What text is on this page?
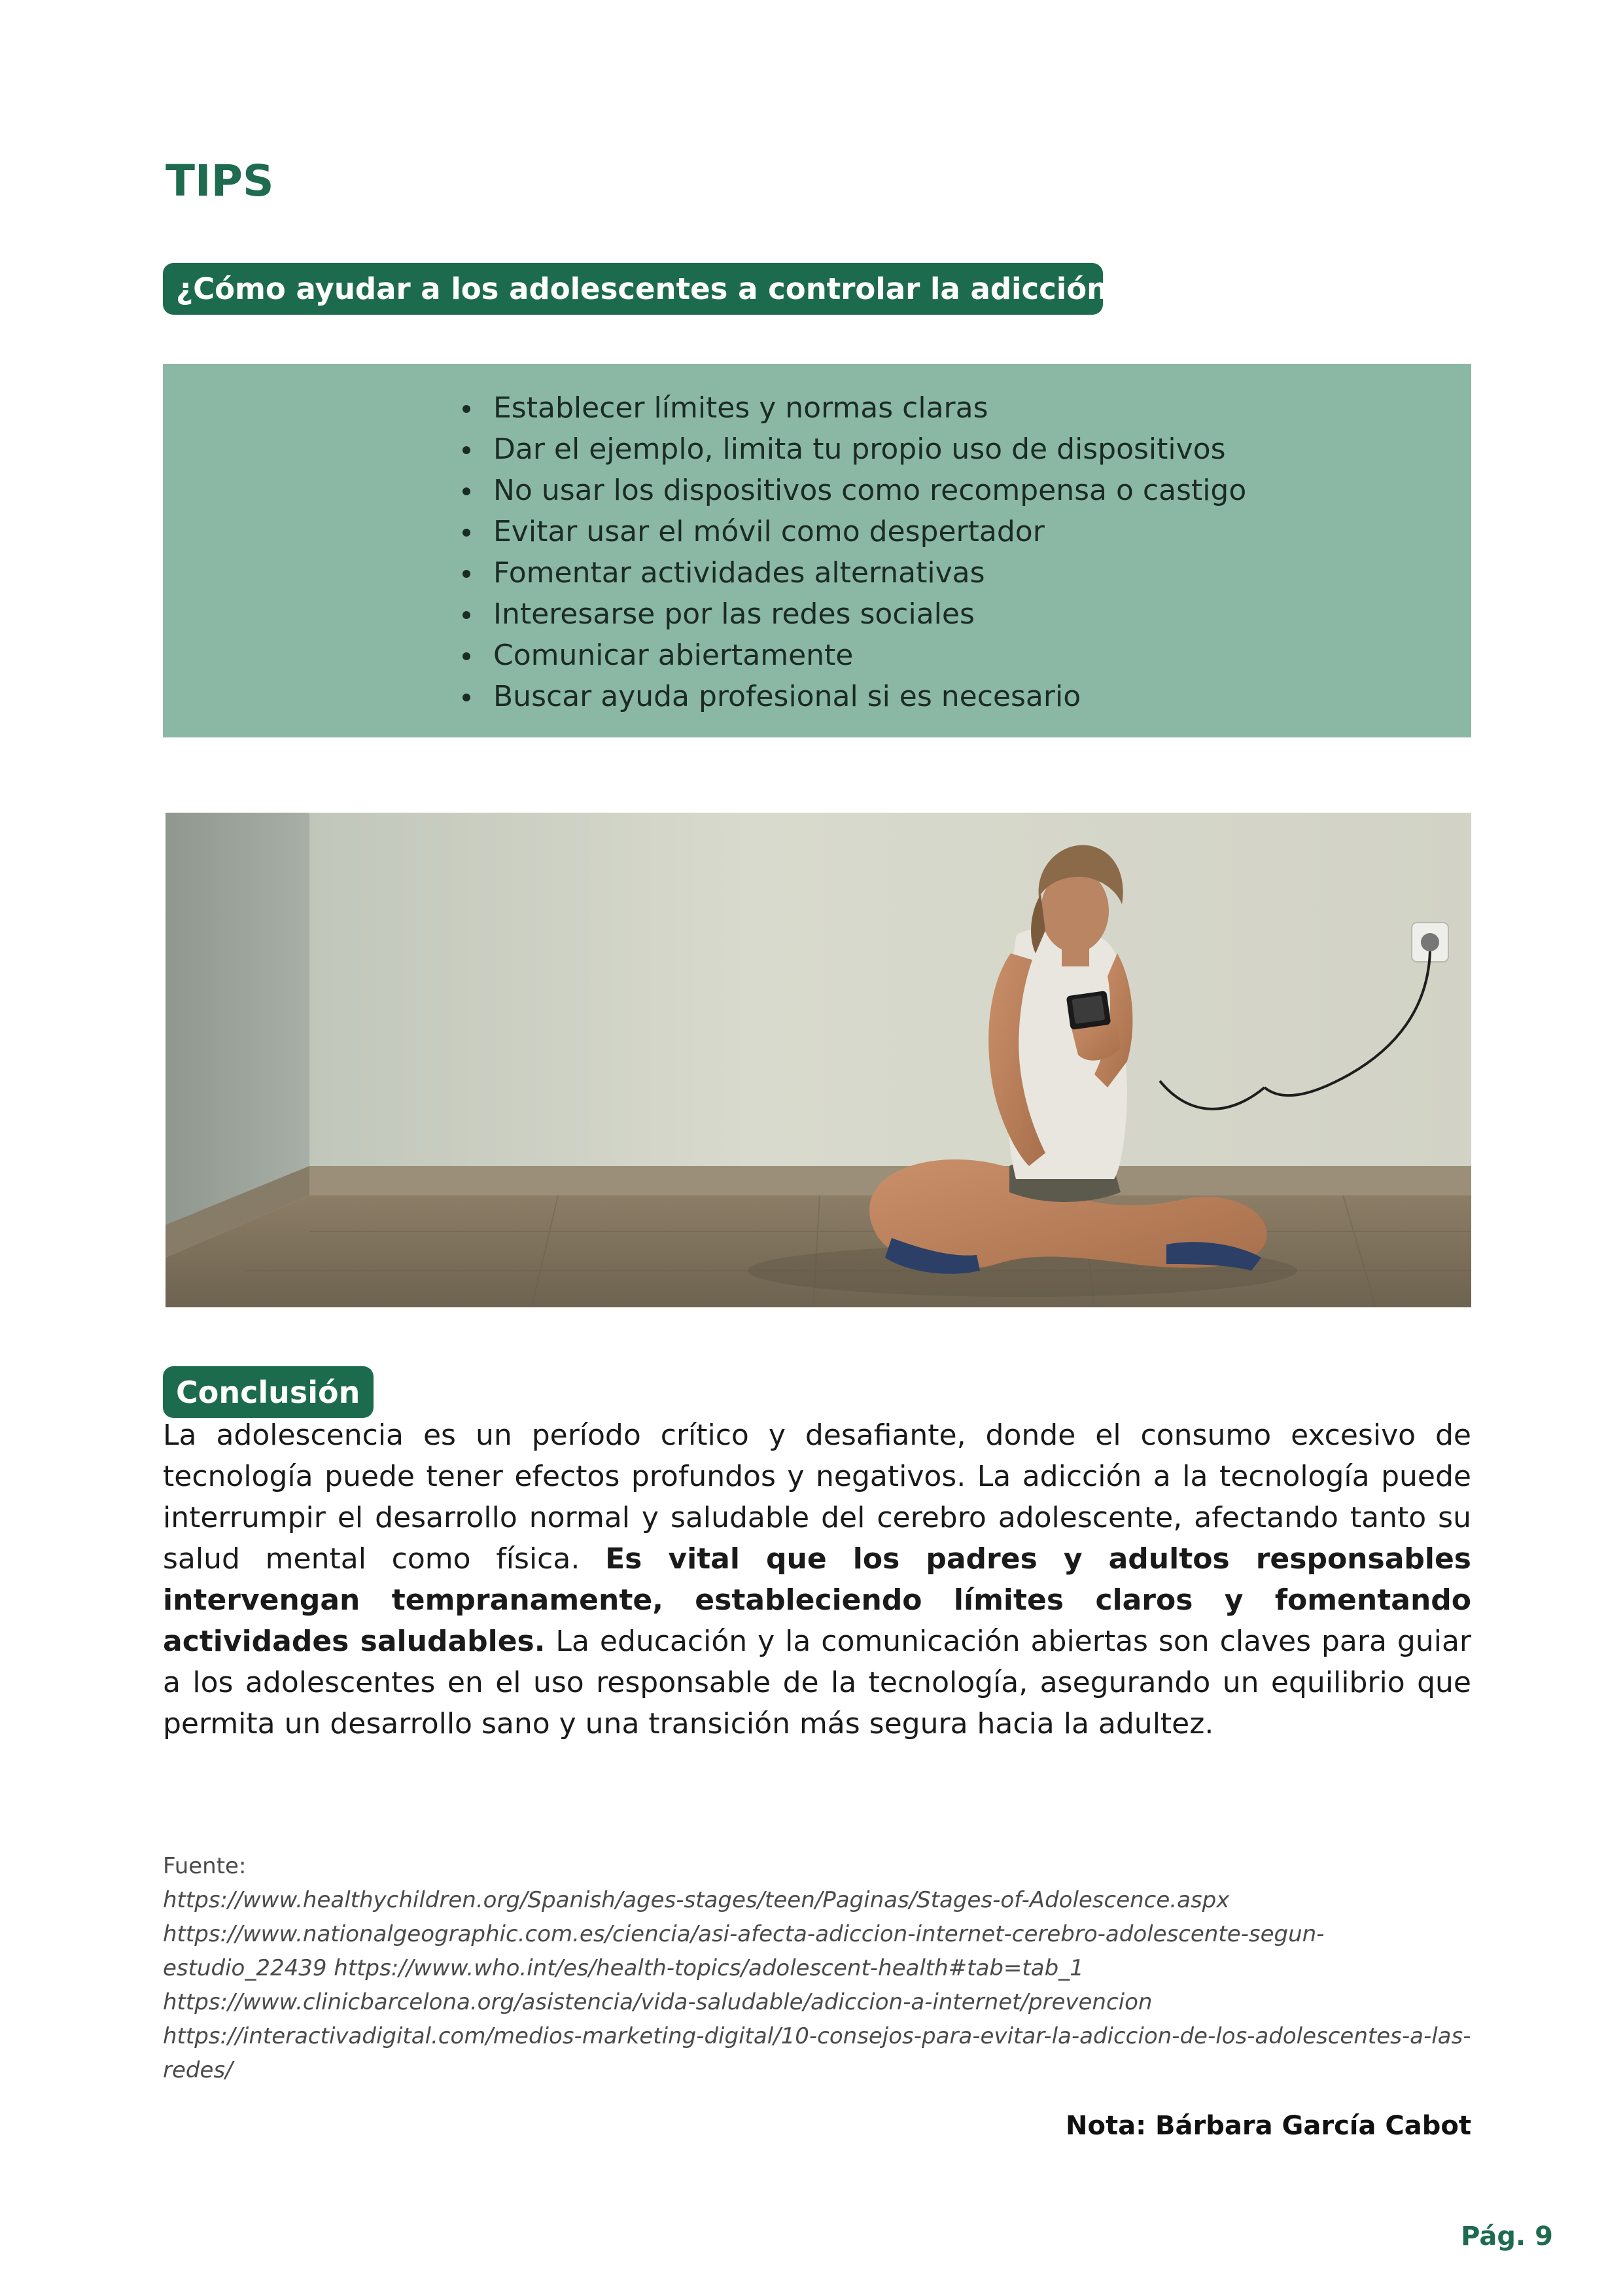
TIPS
¿Cómo ayudar a los adolescentes a controlar la adicción?
Establecer límites y normas claras
Dar el ejemplo, limita tu propio uso de dispositivos
No usar los dispositivos como recompensa o castigo
Evitar usar el móvil como despertador
Fomentar actividades alternativas
Interesarse por las redes sociales
Comunicar abiertamente
Buscar ayuda profesional si es necesario
Conclusión

La adolescencia es un período crítico y desafiante, donde el consumo excesivo de tecnología puede tener efectos profundos y negativos. La adicción a la tecnología puede interrumpir el desarrollo normal y saludable del cerebro adolescente, afectando tanto su salud mental como física. Es vital que los padres y adultos responsables intervengan tempranamente, estableciendo límites claros y fomentando actividades saludables. La educación y la comunicación abiertas son claves para guiar a los adolescentes en el uso responsable de la tecnología, asegurando un equilibrio que permita un desarrollo sano y una transición más segura hacia la adultez.

Fuente:
https://www.healthychildren.org/Spanish/ages-stages/teen/Paginas/Stages-of-Adolescence.aspx https://www.nationalgeographic.com.es/ciencia/asi-afecta-adiccion-internet-cerebro-adolescente-segun-estudio_22439 https://www.who.int/es/health-topics/adolescent-health#tab=tab_1 https://www.clinicbarcelona.org/asistencia/vida-saludable/adiccion-a-internet/prevencion https://interactivadigital.com/medios-marketing-digital/10-consejos-para-evitar-la-adiccion-de-los-adolescentes-a-las-redes/
Nota: Bárbara García Cabot
Pág. 9
